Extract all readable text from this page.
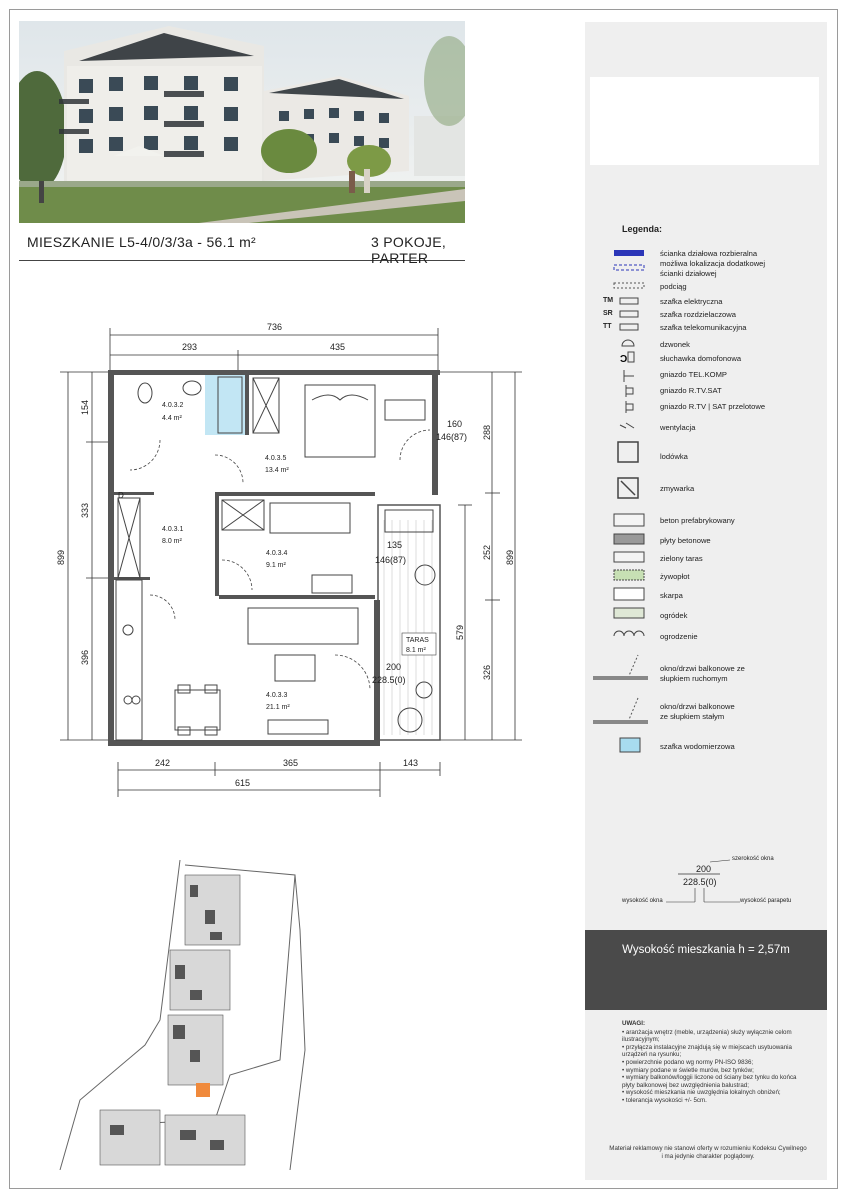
MIESZKANIE L5-4/0/3/3a - 56.1 m²	3 POKOJE, PARTER
736
293	435
899
154
333
396
288
252
326
899
579
242	365	143
615
4.0.3.2
4.4 m²
4.0.3.5
13.4 m²
4.0.3.1
8.0 m²
4.0.3.4
9.1 m²
4.0.3.3
21.1 m²
TARAS
8.1 m²
160
146(87)
135
146(87)
200
228.5(0)
D
Legenda:
Ͻ
TM
SR
TT
ścianka działowa rozbieralna
możliwa lokalizacja dodatkowej
ścianki działowej
podciąg
szafka elektryczna
szafka rozdzielaczowa
szafka telekomunikacyjna
dzwonek
słuchawka domofonowa
gniazdo TEL.KOMP
gniazdo R.TV.SAT
gniazdo R.TV | SAT przelotowe
wentylacja
lodówka
zmywarka
beton prefabrykowany
płyty betonowe
zielony taras
żywopłot
skarpa
ogródek
ogrodzenie
okno/drzwi balkonowe ze
słupkiem ruchomym
okno/drzwi balkonowe
ze słupkiem stałym
szafka wodomierzowa
200
228.5(0)
szerokość okna
wysokość okna	wysokość parapetu
Wysokość mieszkania h = 2,57m
UWAGI:
• aranżacja wnętrz (meble, urządzenia) służy wyłącznie celom ilustracyjnym;
• przyłącza instalacyjne znajdują się w miejscach usytuowania urządzeń na rysunku;
• powierzchnie podano wg normy PN-ISO 9836;
• wymiary podane w świetle murów, bez tynków;
• wymiary balkonów/loggii liczone od ściany bez tynku do końca płyty balkonowej bez uwzględnienia balustrad;
• wysokość mieszkania nie uwzględnia lokalnych obniżeń;
• tolerancja wysokości +/- 5cm.
Materiał reklamowy nie stanowi oferty w rozumieniu Kodeksu Cywilnego i ma jedynie charakter poglądowy.
